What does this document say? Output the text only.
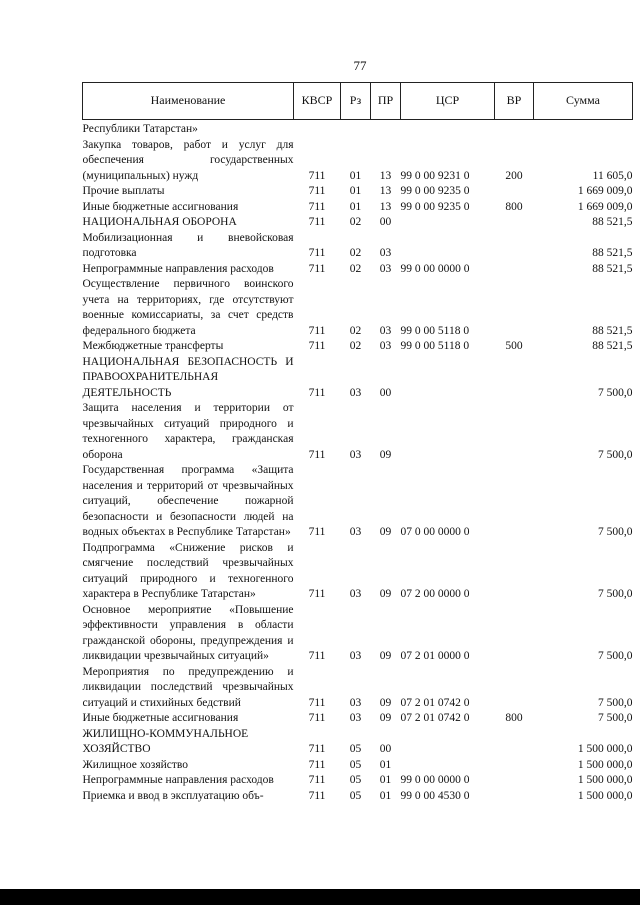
77
Наименование	КВСР	Рз	ПР	ЦСР	ВР	Сумма
Республики Татарстан»						
Закупка товаров, работ и услуг для обеспечения государственных (муниципальных) нужд	711	01	13	99 0 00 9231 0	200	11 605,0
Прочие выплаты	711	01	13	99 0 00 9235 0		1 669 009,0
Иные бюджетные ассигнования	711	01	13	99 0 00 9235 0	800	1 669 009,0
НАЦИОНАЛЬНАЯ ОБОРОНА	711	02	00			88 521,5
Мобилизационная и вневойсковая подготовка	711	02	03			88 521,5
Непрограммные направления расходов	711	02	03	99 0 00 0000 0		88 521,5
Осуществление первичного воинского учета на территориях, где отсутствуют военные комиссариаты, за счет средств федерального бюджета	711	02	03	99 0 00 5118 0		88 521,5
Межбюджетные трансферты	711	02	03	99 0 00 5118 0	500	88 521,5
НАЦИОНАЛЬНАЯ БЕЗОПАСНОСТЬ И ПРАВООХРАНИТЕЛЬНАЯ ДЕЯТЕЛЬНОСТЬ	711	03	00			7 500,0
Защита населения и территории от чрезвычайных ситуаций природного и техногенного характера, гражданская оборона	711	03	09			7 500,0
Государственная программа «Защита населения и территорий от чрезвычайных ситуаций, обеспечение пожарной безопасности и безопасности людей на водных объектах в Республике Татарстан»	711	03	09	07 0 00 0000 0		7 500,0
Подпрограмма «Снижение рисков и смягчение последствий чрезвычайных ситуаций природного и техногенного характера в Республике Татарстан»	711	03	09	07 2 00 0000 0		7 500,0
Основное мероприятие «Повышение эффективности управления в области гражданской обороны, предупреждения и ликвидации чрезвычайных ситуаций»	711	03	09	07 2 01 0000 0		7 500,0
Мероприятия по предупреждению и ликвидации последствий чрезвычайных ситуаций и стихийных бедствий	711	03	09	07 2 01 0742 0		7 500,0
Иные бюджетные ассигнования	711	03	09	07 2 01 0742 0	800	7 500,0
ЖИЛИЩНО-КОММУНАЛЬНОЕ ХОЗЯЙСТВО	711	05	00			1 500 000,0
Жилищное хозяйство	711	05	01			1 500 000,0
Непрограммные направления расходов	711	05	01	99 0 00 0000 0		1 500 000,0
Приемка и ввод в эксплуатацию объ-	711	05	01	99 0 00 4530 0		1 500 000,0
